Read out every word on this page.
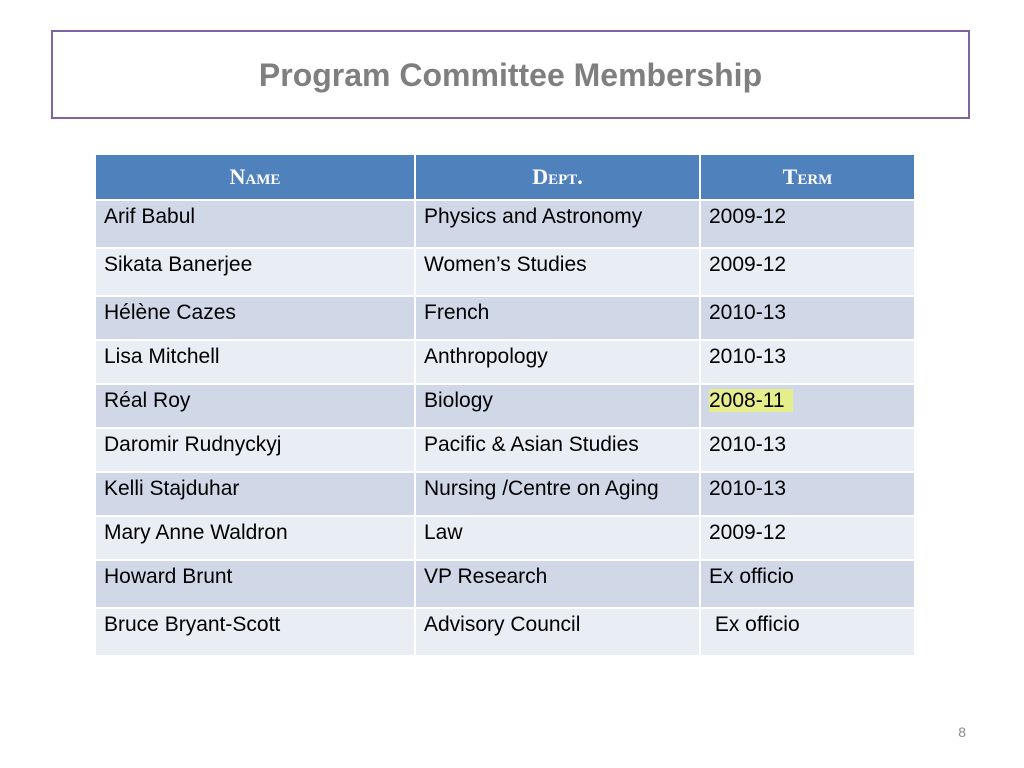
Program Committee Membership
Name	Dept.	Term
Arif Babul	Physics and Astronomy	2009-12
Sikata Banerjee	Women’s Studies	2009-12
Hélène Cazes	French	2010-13
Lisa Mitchell	Anthropology	2010-13
Réal Roy	Biology	2008-11
Daromir Rudnyckyj	Pacific & Asian Studies	2010-13
Kelli Stajduhar	Nursing /Centre on Aging	2010-13
Mary Anne Waldron	Law	2009-12
Howard Brunt	VP Research	Ex officio
Bruce Bryant-Scott	Advisory Council	Ex officio
8
